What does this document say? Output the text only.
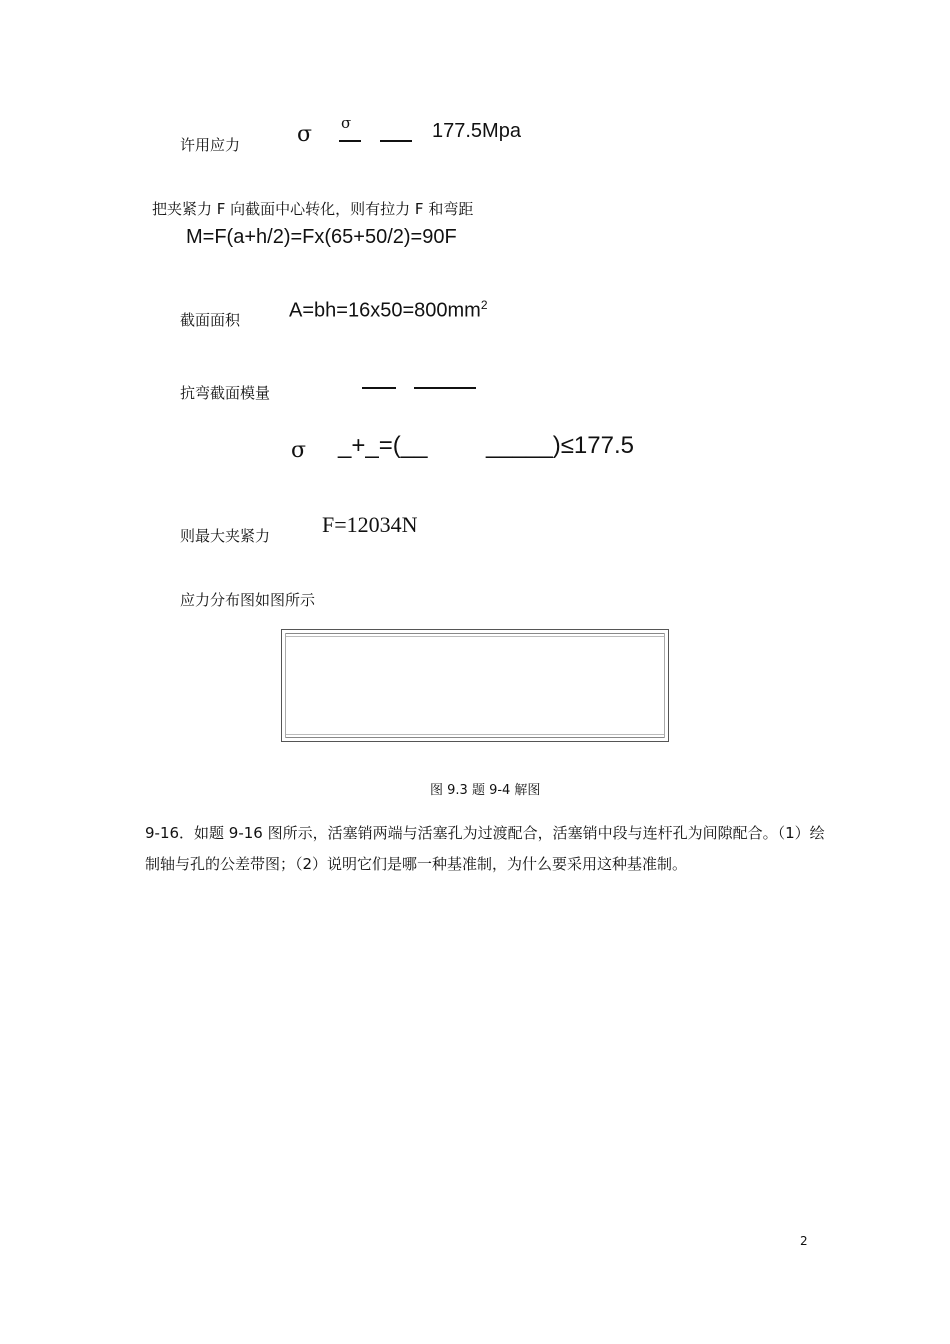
许用应力	σ σ	177.5Mpa
把夹紧力 F 向截面中心转化，则有拉力 F 和弯距
M=F(a+h/2)=Fx(65+50/2)=90F
截面面积 $A=bh=16x50=800mm^2$
抗弯截面模量
σ _+_=(__ _____)≤177.5
则最大夹紧力 F=12034N
应力分布图如图所示
图 9.3 题 9-4 解图
9-16．如题 9-16 图所示，活塞销两端与活塞孔为过渡配合，活塞销中段与连杆孔为间隙配合。（1）绘制轴与孔的公差带图；（2）说明它们是哪一种基准制，为什么要采用这种基准制。
2
